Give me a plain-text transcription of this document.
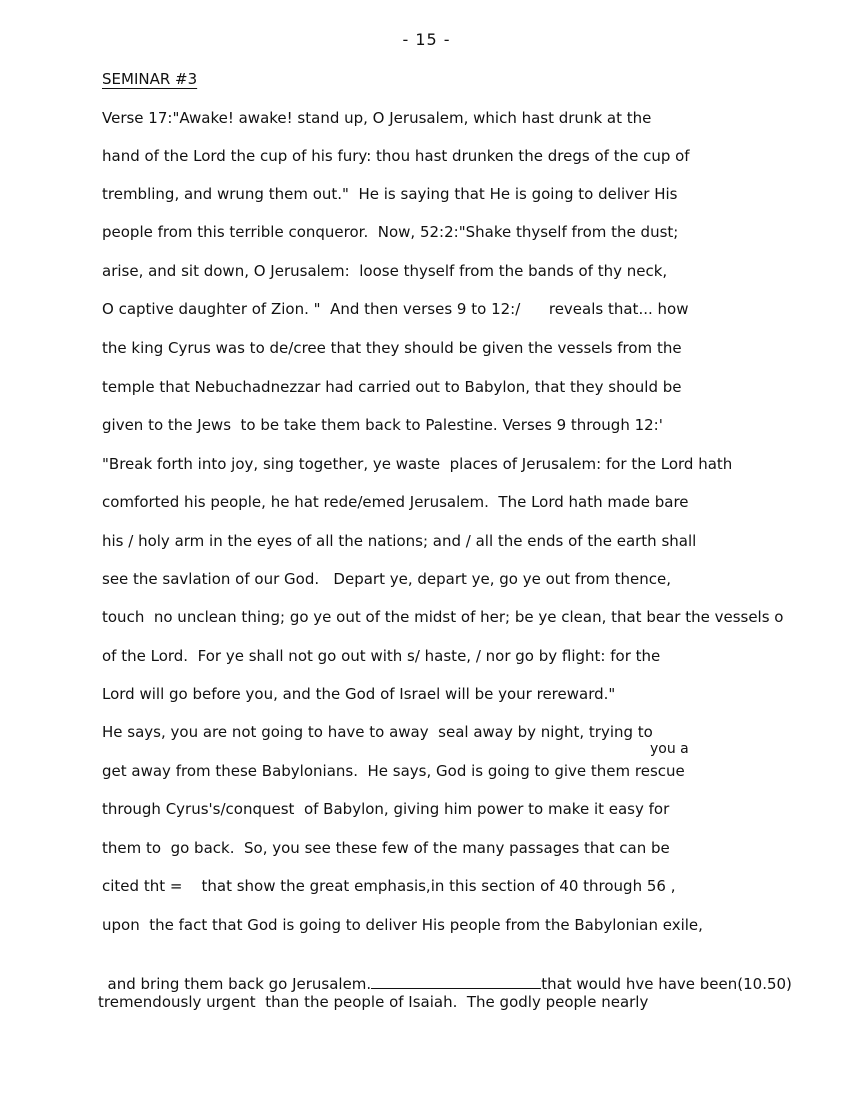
- 15 -
SEMINAR #3
Verse 17:"Awake! awake! stand up, O Jerusalem, which hast drunk at the
hand of the Lord the cup of his fury: thou hast drunken the dregs of the cup of
trembling, and wrung them out."  He is saying that He is going to deliver His
people from this terrible conqueror.  Now, 52:2:"Shake thyself from the dust;
arise, and sit down, O Jerusalem:  loose thyself from the bands of thy neck,
O captive daughter of Zion. "  And then verses 9 to 12:/      reveals that... how
the king Cyrus was to de/cree that they should be given the vessels from the
temple that Nebuchadnezzar had carried out to Babylon, that they should be
given to the Jews  to be take them back to Palestine. Verses 9 through 12:'
"Break forth into joy, sing together, ye waste  places of Jerusalem: for the Lord hath
comforted his people, he hat rede/emed Jerusalem.  The Lord hath made bare
his / holy arm in the eyes of all the nations; and / all the ends of the earth shall
see the savlation of our God.   Depart ye, depart ye, go ye out from thence,
touch  no unclean thing; go ye out of the midst of her; be ye clean, that bear the vessels o
of the Lord.  For ye shall not go out with s/ haste, / nor go by flight: for the
Lord will go before you, and the God of Israel will be your rereward."
He says, you are not going to have to away  seal away by night, trying to
you a
get away from these Babylonians.  He says, God is going to give them rescue
through Cyrus's/conquest  of Babylon, giving him power to make it easy for
them to  go back.  So, you see these few of the many passages that can be
cited tht =    that show the great emphasis,in this section of 40 through 56 ,
upon  the fact that God is going to deliver His people from the Babylonian exile,

and bring them back go Jerusalem.	that would hve have been(10.50)

tremendously urgent  than the people of Isaiah.  The godly people nearly
